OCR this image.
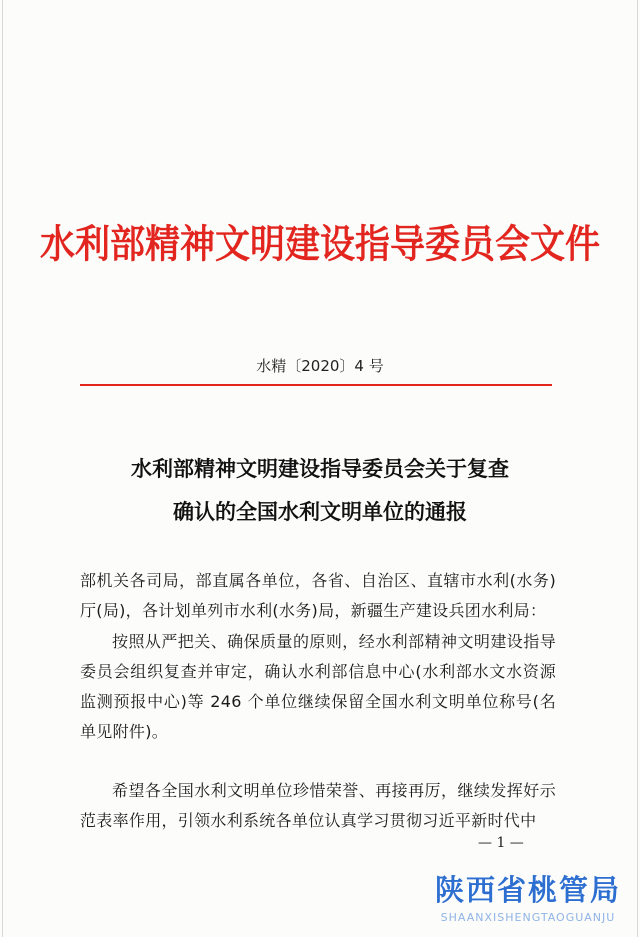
水利部精神文明建设指导委员会文件
水精〔2020〕4 号
水利部精神文明建设指导委员会关于复查
确认的全国水利文明单位的通报

部机关各司局，部直属各单位，各省、自治区、直辖市水利(水务)厅(局)，各计划单列市水利(水务)局，新疆生产建设兵团水利局：

按照从严把关、确保质量的原则，经水利部精神文明建设指导委员会组织复查并审定，确认水利部信息中心(水利部水文水资源监测预报中心)等 246 个单位继续保留全国水利文明单位称号(名单见附件)。

希望各全国水利文明单位珍惜荣誉、再接再厉，继续发挥好示范表率作用，引领水利系统各单位认真学习贯彻习近平新时代中

— 1 —
陕西省桃管局
SHAANXISHENGTAOGUANJU
